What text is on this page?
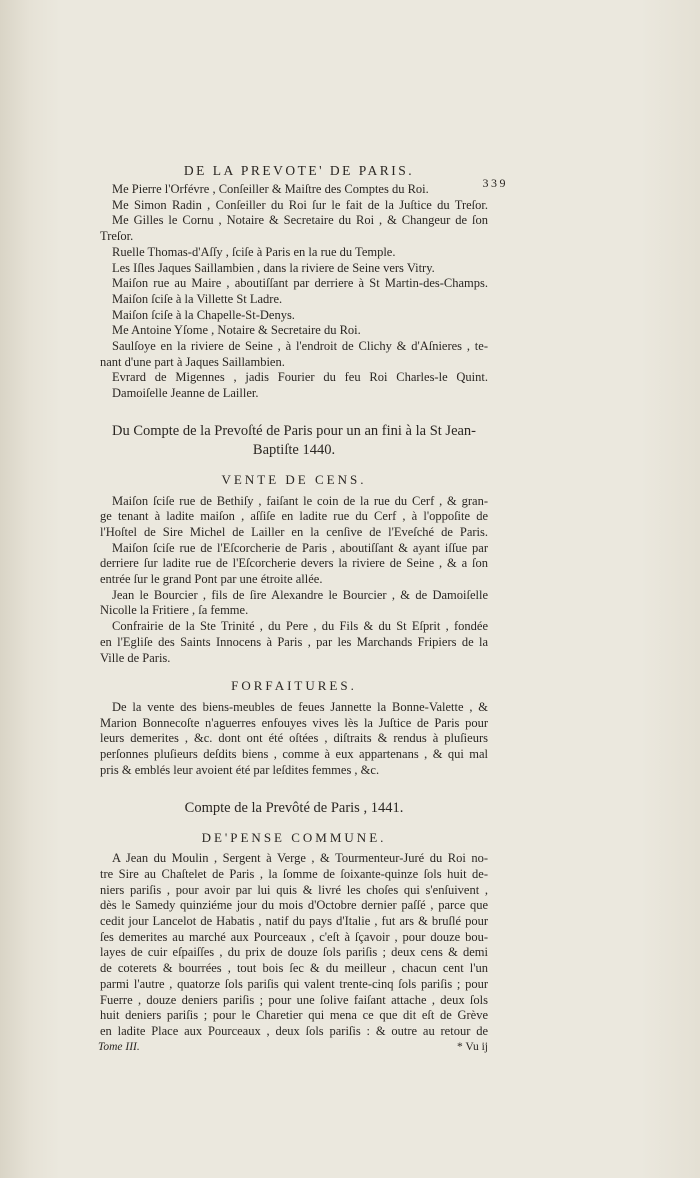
DE LA PREVOTE' DE PARIS.
339
Me Pierre l'Orfévre , Conſeiller & Maiſtre des Comptes du Roi.
Me Simon Radin , Conſeiller du Roi ſur le fait de la Juſtice du Treſor.
Me Gilles le Cornu , Notaire & Secretaire du Roi , & Changeur de ſon
Treſor.
Ruelle Thomas-d'Aſſy , ſciſe à Paris en la rue du Temple.
Les Iſles Jaques Saillambien , dans la riviere de Seine vers Vitry.
Maiſon rue au Maire , aboutiſſant par derriere à St Martin-des-Champs.
Maiſon ſciſe à la Villette St Ladre.
Maiſon ſciſe à la Chapelle-St-Denys.
Me Antoine Yſome , Notaire & Secretaire du Roi.
Saulſoye en la riviere de Seine , à l'endroit de Clichy & d'Aſnieres , te-
nant d'une part à Jaques Saillambien.
Evrard de Migennes , jadis Fourier du feu Roi Charles-le Quint.
Damoiſelle Jeanne de Lailler.
Du Compte de la Prevoſté de Paris pour un an fini à la St Jean-
Baptiſte 1440.
VENTE DE CENS.
Maiſon ſciſe rue de Bethiſy , faiſant le coin de la rue du Cerf , & gran-
ge tenant à ladite maiſon , aſſiſe en ladite rue du Cerf , à l'oppoſite de
l'Hoſtel de Sire Michel de Lailler en la cenſive de l'Eveſché de Paris.
Maiſon ſciſe rue de l'Eſcorcherie de Paris , aboutiſſant & ayant iſſue par
derriere ſur ladite rue de l'Eſcorcherie devers la riviere de Seine , & a ſon
entrée ſur le grand Pont par une étroite allée.
Jean le Bourcier , fils de ſire Alexandre le Bourcier , & de Damoiſelle
Nicolle la Fritiere , ſa femme.
Confrairie de la Ste Trinité , du Pere , du Fils & du St Eſprit , fondée
en l'Egliſe des Saints Innocens à Paris , par les Marchands Fripiers de la
Ville de Paris.
FORFAITURES.
De la vente des biens-meubles de feues Jannette la Bonne-Valette , &
Marion Bonnecoſte n'aguerres enfouyes vives lès la Juſtice de Paris pour
leurs demerites , &c. dont ont été oſtées , diſtraits & rendus à pluſieurs
perſonnes pluſieurs deſdits biens , comme à eux appartenans , & qui mal
pris & emblés leur avoient été par leſdites femmes , &c.
Compte de la Prevôté de Paris , 1441.
DE'PENSE COMMUNE.
A Jean du Moulin , Sergent à Verge , & Tourmenteur-Juré du Roi no-
tre Sire au Chaſtelet de Paris , la ſomme de ſoixante-quinze ſols huit de-
niers pariſis , pour avoir par lui quis & livré les choſes qui s'enſuivent ,
dès le Samedy quinziéme jour du mois d'Octobre dernier paſſé , parce que
cedit jour Lancelot de Habatis , natif du pays d'Italie , fut ars & bruſlé pour
ſes demerites au marché aux Pourceaux , c'eſt à ſçavoir , pour douze bou-
layes de cuir eſpaiſſes , du prix de douze ſols pariſis ; deux cens & demi
de coterets & bourrées , tout bois ſec & du meilleur , chacun cent l'un
parmi l'autre , quatorze ſols pariſis qui valent trente-cinq ſols pariſis ; pour
Fuerre , douze deniers pariſis ; pour une ſolive faiſant attache , deux ſols
huit deniers pariſis ; pour le Charetier qui mena ce que dit eſt de Grève
en ladite Place aux Pourceaux , deux ſols pariſis : & outre au retour de
Tome III.	* Vu ij
